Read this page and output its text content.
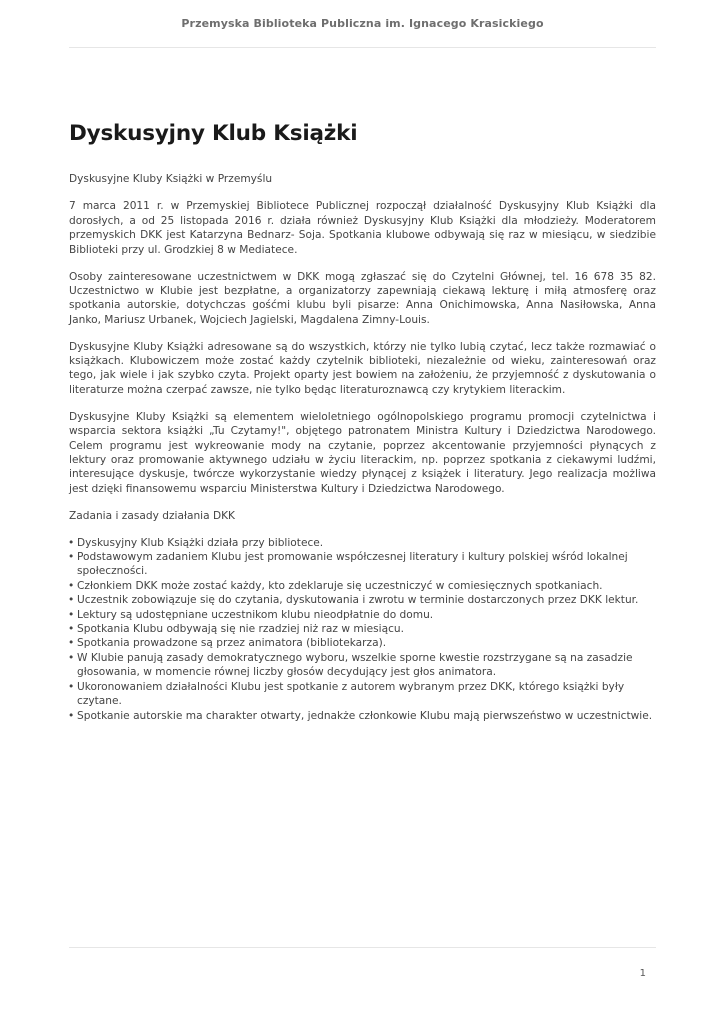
Przemyska Biblioteka Publiczna im. Ignacego Krasickiego
Dyskusyjny Klub Książki

Dyskusyjne Kluby Książki w Przemyślu

7 marca 2011 r. w Przemyskiej Bibliotece Publicznej rozpoczął działalność Dyskusyjny Klub Książki dla dorosłych, a od 25 listopada 2016 r. działa również Dyskusyjny Klub Książki dla młodzieży. Moderatorem przemyskich DKK jest Katarzyna Bednarz- Soja. Spotkania klubowe odbywają się raz w miesiącu, w siedzibie Biblioteki przy ul. Grodzkiej 8 w Mediatece.

Osoby zainteresowane uczestnictwem w DKK mogą zgłaszać się do Czytelni Głównej, tel. 16 678 35 82. Uczestnictwo w Klubie jest bezpłatne, a organizatorzy zapewniają ciekawą lekturę i miłą atmosferę oraz spotkania autorskie, dotychczas gośćmi klubu byli pisarze: Anna Onichimowska, Anna Nasiłowska, Anna Janko, Mariusz Urbanek, Wojciech Jagielski, Magdalena Zimny-Louis.

Dyskusyjne Kluby Książki adresowane są do wszystkich, którzy nie tylko lubią czytać, lecz także rozmawiać o książkach. Klubowiczem może zostać każdy czytelnik biblioteki, niezależnie od wieku, zainteresowań oraz tego, jak wiele i jak szybko czyta. Projekt oparty jest bowiem na założeniu, że przyjemność z dyskutowania o literaturze można czerpać zawsze, nie tylko będąc literaturoznawcą czy krytykiem literackim.

Dyskusyjne Kluby Książki są elementem wieloletniego ogólnopolskiego programu promocji czytelnictwa i wsparcia sektora książki „Tu Czytamy!", objętego patronatem Ministra Kultury i Dziedzictwa Narodowego. Celem programu jest wykreowanie mody na czytanie, poprzez akcentowanie przyjemności płynących z lektury oraz promowanie aktywnego udziału w życiu literackim, np. poprzez spotkania z ciekawymi ludźmi, interesujące dyskusje, twórcze wykorzystanie wiedzy płynącej z książek i literatury. Jego realizacja możliwa jest dzięki finansowemu wsparciu Ministerstwa Kultury i Dziedzictwa Narodowego.

Zadania i zasady działania DKK

• Dyskusyjny Klub Książki działa przy bibliotece.
• Podstawowym zadaniem Klubu jest promowanie współczesnej literatury i kultury polskiej wśród lokalnej społeczności.
• Członkiem DKK może zostać każdy, kto zdeklaruje się uczestniczyć w comiesięcznych spotkaniach.
• Uczestnik zobowiązuje się do czytania, dyskutowania i zwrotu w terminie dostarczonych przez DKK lektur.
• Lektury są udostępniane uczestnikom klubu nieodpłatnie do domu.
• Spotkania Klubu odbywają się nie rzadziej niż raz w miesiącu.
• Spotkania prowadzone są przez animatora (bibliotekarza).
• W Klubie panują zasady demokratycznego wyboru, wszelkie sporne kwestie rozstrzygane są na zasadzie głosowania, w momencie równej liczby głosów decydujący jest głos animatora.
• Ukoronowaniem działalności Klubu jest spotkanie z autorem wybranym przez DKK, którego książki były czytane.
• Spotkanie autorskie ma charakter otwarty, jednakże członkowie Klubu mają pierwszeństwo w uczestnictwie.
1
